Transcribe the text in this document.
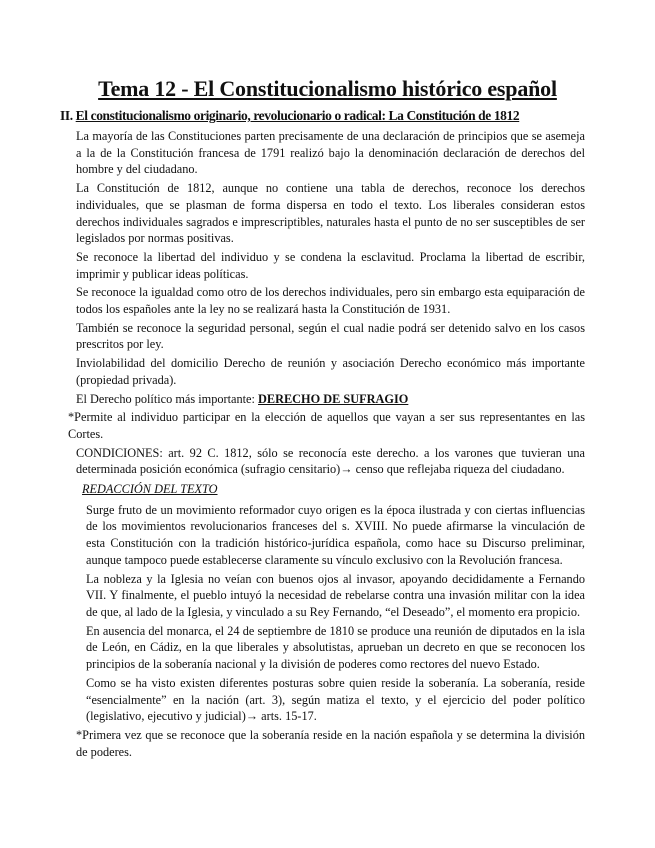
Tema 12 - El Constitucionalismo histórico español

II. El constitucionalismo originario, revolucionario o radical: La Constitución de 1812

La mayoría de las Constituciones parten precisamente de una declaración de principios que se asemeja a la de la Constitución francesa de 1791 realizó bajo la denominación declaración de derechos del hombre y del ciudadano.

La Constitución de 1812, aunque no contiene una tabla de derechos, reconoce los derechos individuales, que se plasman de forma dispersa en todo el texto. Los liberales consideran estos derechos individuales sagrados e imprescriptibles, naturales hasta el punto de no ser susceptibles de ser legislados por normas positivas.

Se reconoce la libertad del individuo y se condena la esclavitud. Proclama la libertad de escribir, imprimir y publicar ideas políticas.

Se reconoce la igualdad como otro de los derechos individuales, pero sin embargo esta equiparación de todos los españoles ante la ley no se realizará hasta la Constitución de 1931.

También se reconoce la seguridad personal, según el cual nadie podrá ser detenido salvo en los casos prescritos por ley.

Inviolabilidad del domicilio Derecho de reunión y asociación Derecho económico más importante (propiedad privada).

El Derecho político más importante: DERECHO DE SUFRAGIO

*Permite al individuo participar en la elección de aquellos que vayan a ser sus representantes en las Cortes.

CONDICIONES: art. 92 C. 1812, sólo se reconocía este derecho. a los varones que tuvieran una determinada posición económica (sufragio censitario)→ censo que reflejaba riqueza del ciudadano.

REDACCIÓN DEL TEXTO

Surge fruto de un movimiento reformador cuyo origen es la época ilustrada y con ciertas influencias de los movimientos revolucionarios franceses del s. XVIII. No puede afirmarse la vinculación de esta Constitución con la tradición histórico-jurídica española, como hace su Discurso preliminar, aunque tampoco puede establecerse claramente su vínculo exclusivo con la Revolución francesa.

La nobleza y la Iglesia no veían con buenos ojos al invasor, apoyando decididamente a Fernando VII. Y finalmente, el pueblo intuyó la necesidad de rebelarse contra una invasión militar con la idea de que, al lado de la Iglesia, y vinculado a su Rey Fernando, “el Deseado”, el momento era propicio.

En ausencia del monarca, el 24 de septiembre de 1810 se produce una reunión de diputados en la isla de León, en Cádiz, en la que liberales y absolutistas, aprueban un decreto en que se reconocen los principios de la soberanía nacional y la división de poderes como rectores del nuevo Estado.

Como se ha visto existen diferentes posturas sobre quien reside la soberanía. La soberanía, reside “esencialmente” en la nación (art. 3), según matiza el texto, y el ejercicio del poder político (legislativo, ejecutivo y judicial)→ arts. 15-17.

*Primera vez que se reconoce que la soberanía reside en la nación española y se determina la división de poderes.
